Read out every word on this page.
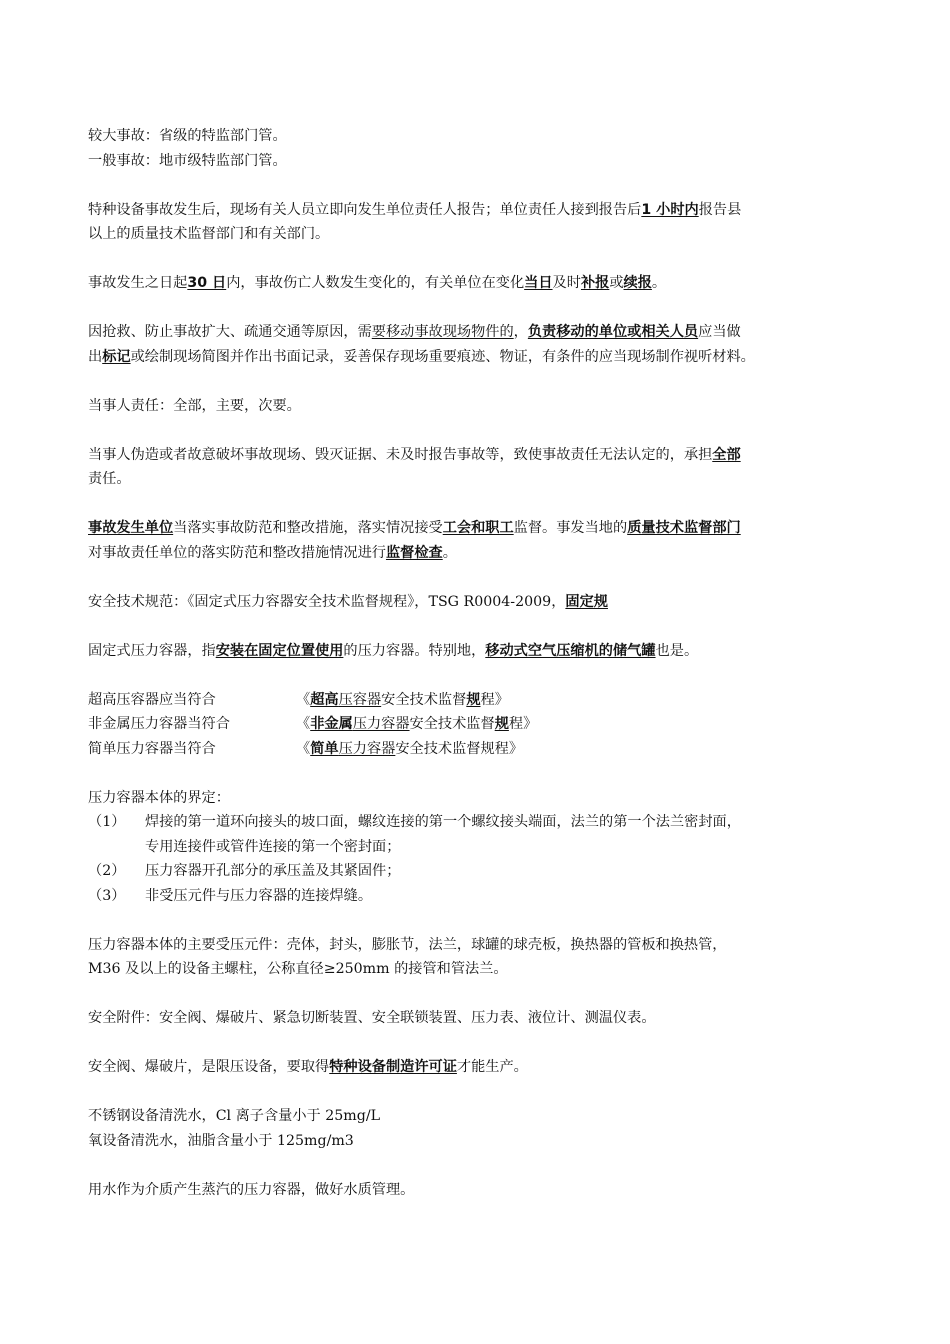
较大事故：省级的特监部门管。
一般事故：地市级特监部门管。
特种设备事故发生后，现场有关人员立即向发生单位责任人报告；单位责任人接到报告后1 小时内报告县
以上的质量技术监督部门和有关部门。
事故发生之日起30 日内，事故伤亡人数发生变化的，有关单位在变化当日及时补报或续报。
因抢救、防止事故扩大、疏通交通等原因，需要移动事故现场物件的，负责移动的单位或相关人员应当做
出标记或绘制现场简图并作出书面记录，妥善保存现场重要痕迹、物证，有条件的应当现场制作视听材料。
当事人责任：全部，主要，次要。
当事人伪造或者故意破坏事故现场、毁灭证据、未及时报告事故等，致使事故责任无法认定的，承担全部
责任。
事故发生单位当落实事故防范和整改措施，落实情况接受工会和职工监督。事发当地的质量技术监督部门
对事故责任单位的落实防范和整改措施情况进行监督检查。
安全技术规范：《固定式压力容器安全技术监督规程》，TSG R0004-2009，固定规
固定式压力容器，指安装在固定位置使用的压力容器。特别地，移动式空气压缩机的储气罐也是。
超高压容器应当符合	《超高压容器安全技术监督规程》
非金属压力容器当符合	《非金属压力容器安全技术监督规程》
简单压力容器当符合	《简单压力容器安全技术监督规程》
压力容器本体的界定：
（1）	焊接的第一道环向接头的坡口面，螺纹连接的第一个螺纹接头端面，法兰的第一个法兰密封面，
专用连接件或管件连接的第一个密封面；
（2）	压力容器开孔部分的承压盖及其紧固件；
（3）	非受压元件与压力容器的连接焊缝。
压力容器本体的主要受压元件：壳体，封头，膨胀节，法兰，球罐的球壳板，换热器的管板和换热管，
M36 及以上的设备主螺柱，公称直径≥250mm 的接管和管法兰。
安全附件：安全阀、爆破片、紧急切断装置、安全联锁装置、压力表、液位计、测温仪表。
安全阀、爆破片，是限压设备，要取得特种设备制造许可证才能生产。
不锈钢设备清洗水，Cl 离子含量小于 25mg/L
氧设备清洗水，油脂含量小于 125mg/m3
用水作为介质产生蒸汽的压力容器，做好水质管理。
